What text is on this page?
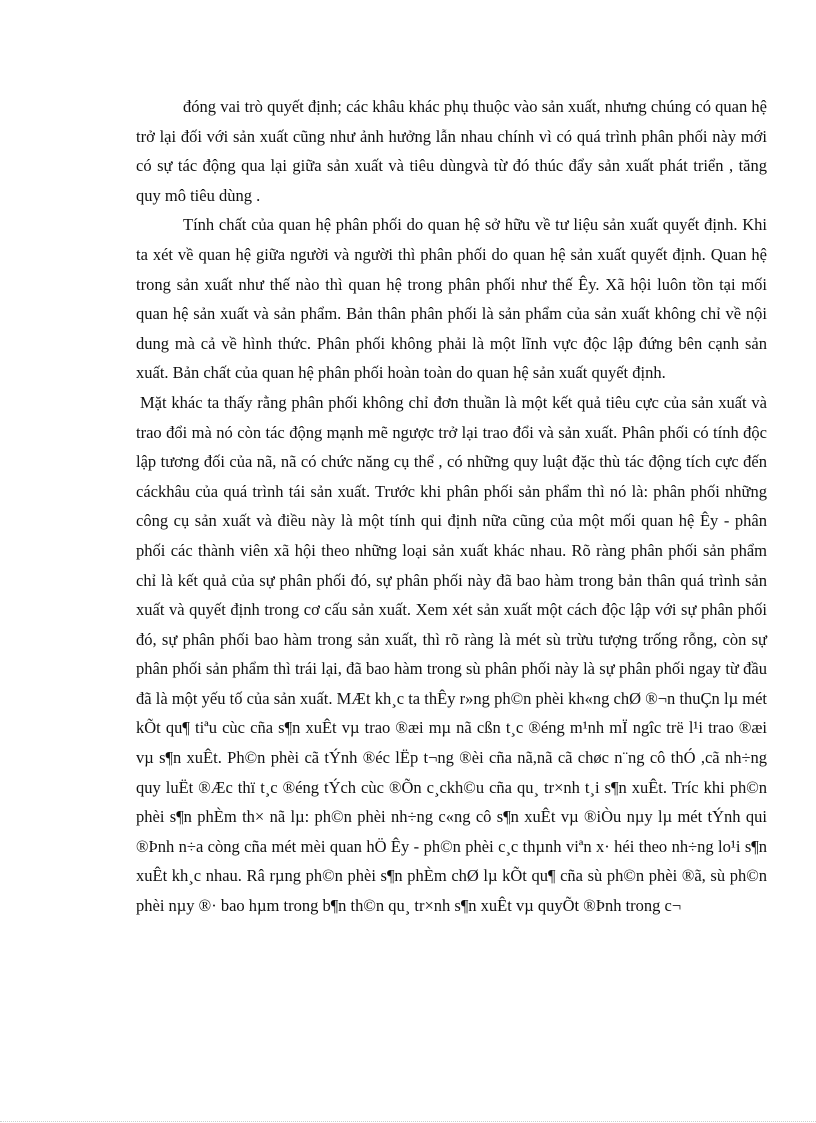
đóng vai trò quyết định; các khâu khác phụ thuộc vào sản xuất, nhưng chúng có quan hệ trở lại đối với sản xuất cũng như ảnh hưởng lẫn nhau chính vì có quá trình phân phối này mới có sự tác động qua lại giữa sản xuất và tiêu dùngvà từ đó thúc đẩy sản xuất phát triển , tăng quy mô tiêu dùng .

Tính chất của quan hệ phân phối do quan hệ sở hữu về tư liệu sản xuất quyết định. Khi ta xét về quan hệ giữa người và người thì phân phối do quan hệ sản xuất quyết định. Quan hệ trong sản xuất như thế nào thì quan hệ trong phân phối như thế Êy. Xã hội luôn tồn tại mối quan hệ sản xuất và sản phẩm. Bản thân phân phối là sản phẩm của sản xuất không chỉ về nội dung mà cả về hình thức. Phân phối không phải là một lĩnh vực độc lập đứng bên cạnh sản xuất. Bản chất của quan hệ phân phối hoàn toàn do quan hệ sản xuất quyết định.

Mặt khác ta thấy rằng phân phối không chỉ đơn thuần là một kết quả tiêu cực của sản xuất và trao đổi mà nó còn tác động mạnh mẽ ngược trở lại trao đổi và sản xuất. Phân phối có tính độc lập tương đối của nã, nã có chức năng cụ thể , có những quy luật đặc thù tác động tích cực đến cáckhâu của quá trình tái sản xuất. Trước khi phân phối sản phẩm thì nó là: phân phối những công cụ sản xuất và điều này là một tính qui định nữa cũng của một mối quan hệ Êy - phân phối các thành viên xã hội theo những loại sản xuất khác nhau. Rõ ràng phân phối sản phẩm chỉ là kết quả của sự phân phối đó, sự phân phối này đã bao hàm trong bản thân quá trình sản xuất và quyết định trong cơ cấu sản xuất. Xem xét sản xuất một cách độc lập với sự phân phối đó, sự phân phối bao hàm trong sản xuất, thì rõ ràng là mét sù trừu tượng trống rỗng, còn sự phân phối sản phẩm thì trái lại, đã bao hàm trong sù phân phối này là sự phân phối ngay từ đầu đã là một yếu tố của sản xuất. MÆt kh¸c ta thÊy r»ng ph©n phèi kh«ng chØ ®¬n thuÇn lµ mét kÕt qu¶ tiªu cùc cña s¶n xuÊt vµ trao ®æi mµ nã cßn t¸c ®éng m¹nh mÏ ngîc trë l¹i trao ®æi vµ s¶n xuÊt. Ph©n phèi cã tÝnh ®éc lËp t¬ng ®èi cña nã,nã cã chøc n¨ng cô thÓ ,cã nh÷ng quy luËt ®Æc thï t¸c ®éng tÝch cùc ®Õn c¸ckh©u cña qu¸ tr×nh t¸i s¶n xuÊt. Tríc khi ph©n phèi s¶n phÈm th× nã lµ: ph©n phèi nh÷ng c«ng cô s¶n xuÊt vµ ®iÒu nµy lµ mét tÝnh qui ®Þnh n÷a còng cña mét mèi quan hÖ Êy - ph©n phèi c¸c thµnh viªn x· héi theo nh÷ng lo¹i s¶n xuÊt kh¸c nhau. Râ rµng ph©n phèi s¶n phÈm chØ lµ kÕt qu¶ cña sù ph©n phèi ®ã, sù ph©n phèi nµy ®· bao hµm trong b¶n th©n qu¸ tr×nh s¶n xuÊt vµ quyÕt ®Þnh trong c¬
